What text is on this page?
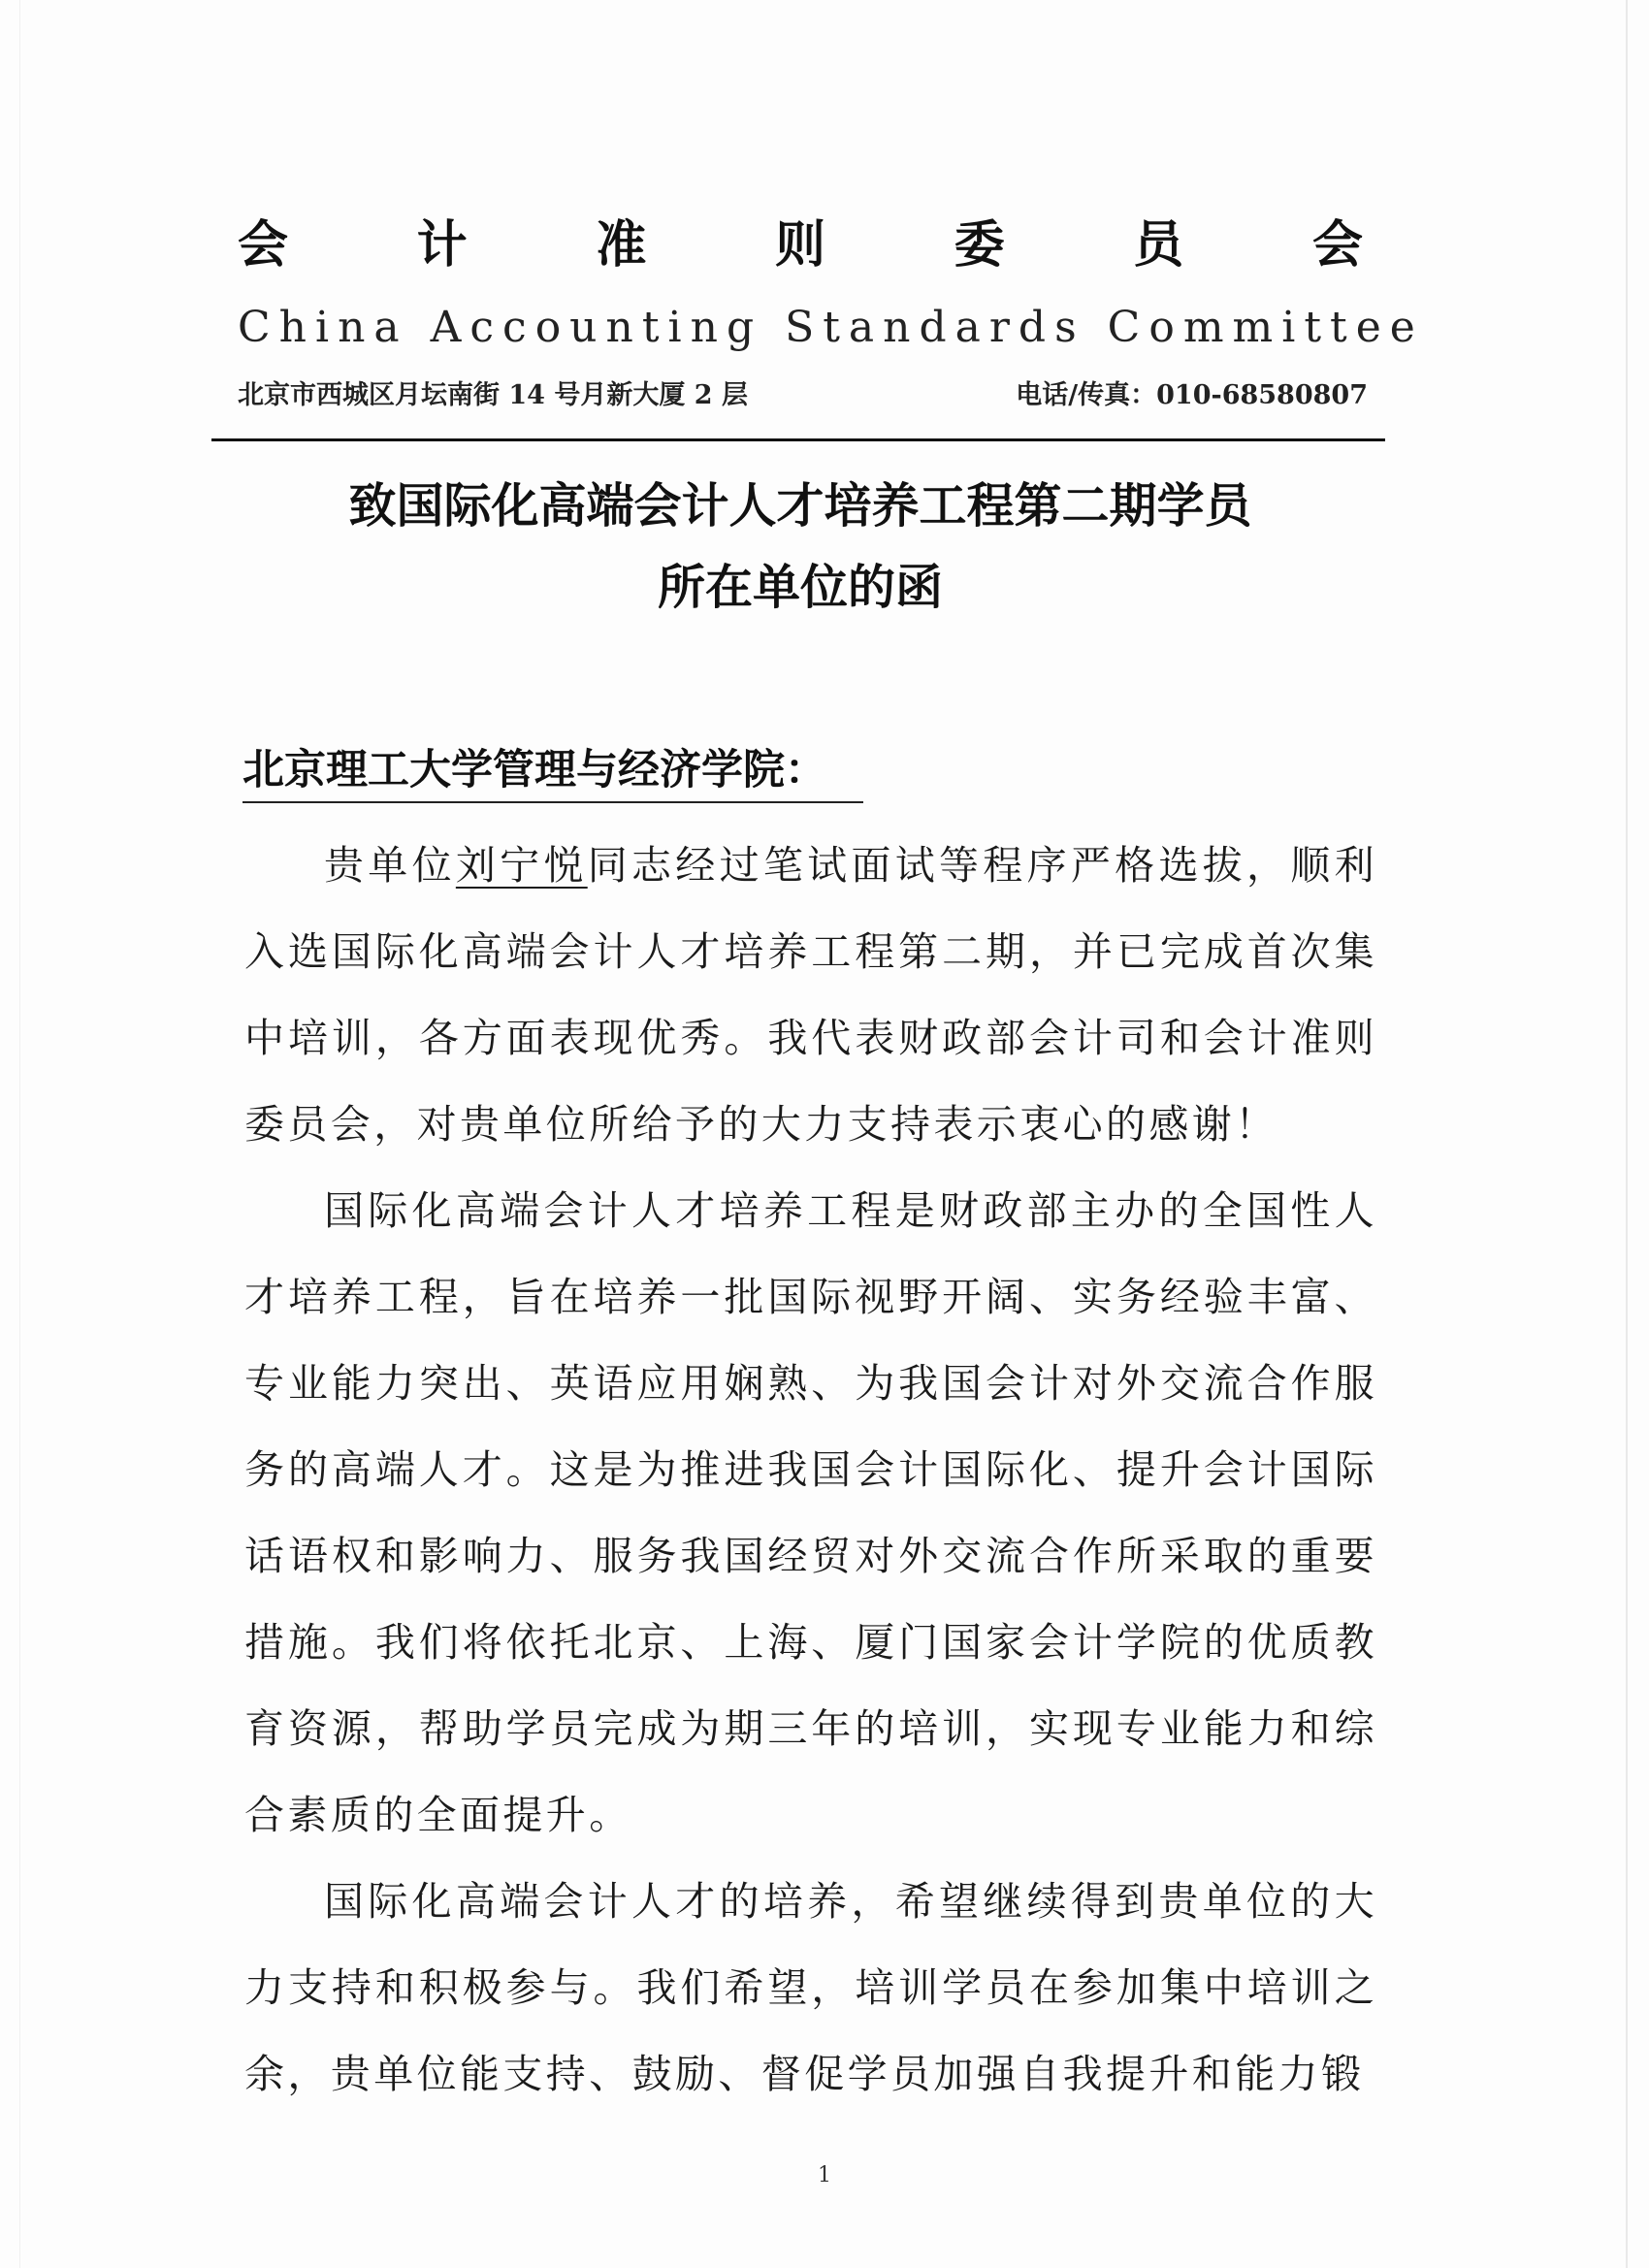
会	计	准	则	委	员	会
China Accounting Standards Committee
北京市西城区月坛南街 14 号月新大厦 2 层	电话/传真：010-68580807
致国际化高端会计人才培养工程第二期学员
所在单位的函
北京理工大学管理与经济学院：

贵单位刘宁悦同志经过笔试面试等程序严格选拔，顺利入选国际化高端会计人才培养工程第二期，并已完成首次集中培训，各方面表现优秀。我代表财政部会计司和会计准则委员会，对贵单位所给予的大力支持表示衷心的感谢！

国际化高端会计人才培养工程是财政部主办的全国性人才培养工程，旨在培养一批国际视野开阔、实务经验丰富、专业能力突出、英语应用娴熟、为我国会计对外交流合作服务的高端人才。这是为推进我国会计国际化、提升会计国际话语权和影响力、服务我国经贸对外交流合作所采取的重要措施。我们将依托北京、上海、厦门国家会计学院的优质教育资源，帮助学员完成为期三年的培训，实现专业能力和综合素质的全面提升。

国际化高端会计人才的培养，希望继续得到贵单位的大力支持和积极参与。我们希望，培训学员在参加集中培训之余，贵单位能支持、鼓励、督促学员加强自我提升和能力锻

1
